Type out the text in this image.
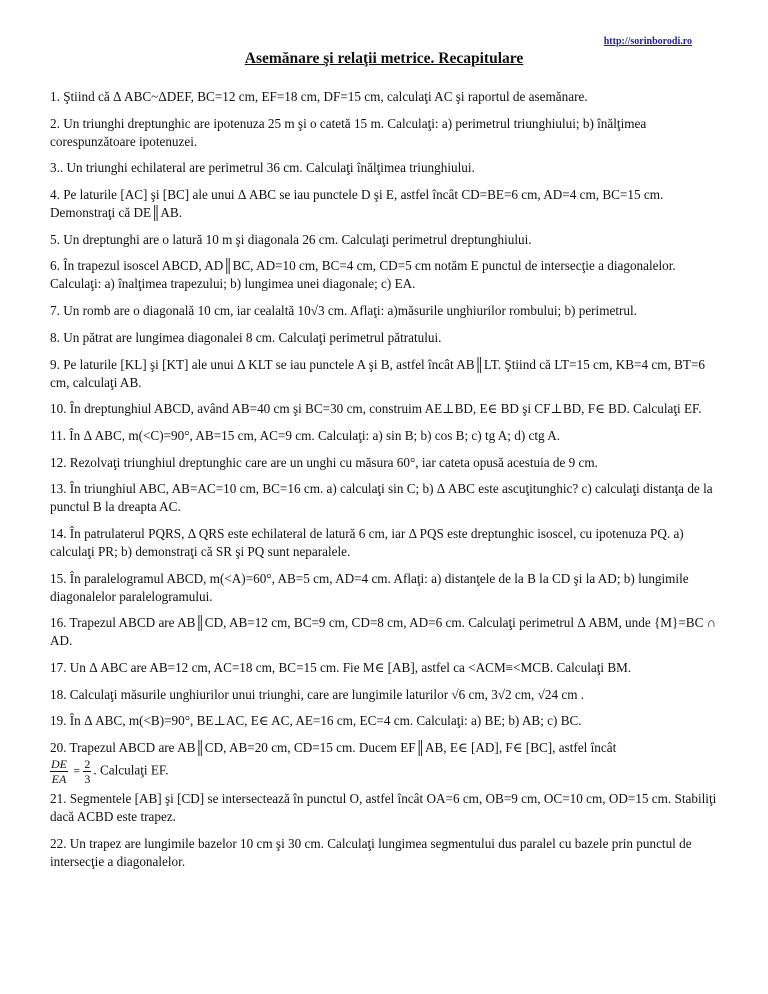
http://sorinborodi.ro
Asemănare şi relaţii metrice. Recapitulare

1. Ştiind că Δ ABC~ΔDEF, BC=12 cm, EF=18 cm, DF=15 cm, calculaţi AC şi raportul de asemănare.

2. Un triunghi dreptunghic are ipotenuza 25 m şi o catetă 15 m. Calculaţi: a) perimetrul triunghiului; b) înălţimea corespunzătoare ipotenuzei.

3.. Un triunghi echilateral are perimetrul 36 cm. Calculaţi înălţimea triunghiului.

4. Pe laturile [AC] şi [BC] ale unui Δ ABC se iau punctele D şi E, astfel încât CD=BE=6 cm, AD=4 cm, BC=15 cm. Demonstraţi că DE║AB.

5. Un dreptunghi are o latură 10 m şi diagonala 26 cm. Calculaţi perimetrul dreptunghiului.

6. În trapezul isoscel ABCD, AD║BC, AD=10 cm, BC=4 cm, CD=5 cm notăm E punctul de intersecţie a diagonalelor. Calculaţi: a) înalţimea trapezului; b) lungimea unei diagonale; c) EA.

7. Un romb are o diagonală 10 cm, iar cealaltă 10√3 cm. Aflaţi: a)măsurile unghiurilor rombului; b) perimetrul.

8. Un pătrat are lungimea diagonalei 8 cm. Calculaţi perimetrul pătratului.

9. Pe laturile [KL] şi [KT] ale unui Δ KLT se iau punctele A şi B, astfel încât AB║LT. Ştiind că LT=15 cm, KB=4 cm, BT=6 cm, calculaţi AB.

10. În dreptunghiul ABCD, având AB=40 cm şi BC=30 cm, construim AE⊥BD, E∈ BD şi CF⊥BD, F∈ BD. Calculaţi EF.

11. În Δ ABC, m(<C)=90°, AB=15 cm, AC=9 cm. Calculaţi: a) sin B; b) cos B; c) tg A; d) ctg A.

12. Rezolvaţi triunghiul dreptunghic care are un unghi cu măsura 60°, iar cateta opusă acestuia de 9 cm.

13. În triunghiul ABC, AB=AC=10 cm, BC=16 cm. a) calculaţi sin C; b) Δ ABC este ascuţitunghic? c) calculaţi distanţa de la punctul B la dreapta AC.

14. În patrulaterul PQRS, Δ QRS este echilateral de latură 6 cm, iar Δ PQS este dreptunghic isoscel, cu ipotenuza PQ. a) calculaţi PR; b) demonstraţi că SR şi PQ sunt neparalele.

15. În paralelogramul ABCD, m(<A)=60°, AB=5 cm, AD=4 cm. Aflaţi: a) distanţele de la B la CD şi la AD; b) lungimile diagonalelor paralelogramului.

16. Trapezul ABCD are AB║CD, AB=12 cm, BC=9 cm, CD=8 cm, AD=6 cm. Calculaţi perimetrul Δ ABM, unde {M}=BC ∩ AD.

17. Un Δ ABC are AB=12 cm, AC=18 cm, BC=15 cm. Fie M∈ [AB], astfel ca <ACM≡<MCB. Calculaţi BM.

18. Calculaţi măsurile unghiurilor unui triunghi, care are lungimile laturilor √6 cm, 3√2 cm, √24 cm .

19. În Δ ABC, m(<B)=90°, BE⊥AC, E∈ AC, AE=16 cm, EC=4 cm. Calculaţi: a) BE; b) AB; c) BC.

20. Trapezul ABCD are AB║CD, AB=20 cm, CD=15 cm. Ducem EF║AB, E∈ [AD], F∈ [BC], astfel încât
$\frac{DE}{EA} = \frac{2}{3}$ . Calculaţi EF.

21. Segmentele [AB] şi [CD] se intersectează în punctul O, astfel încât OA=6 cm, OB=9 cm, OC=10 cm, OD=15 cm. Stabiliţi dacă ACBD este trapez.

22. Un trapez are lungimile bazelor 10 cm şi 30 cm. Calculaţi lungimea segmentului dus paralel cu bazele prin punctul de intersecţie a diagonalelor.
